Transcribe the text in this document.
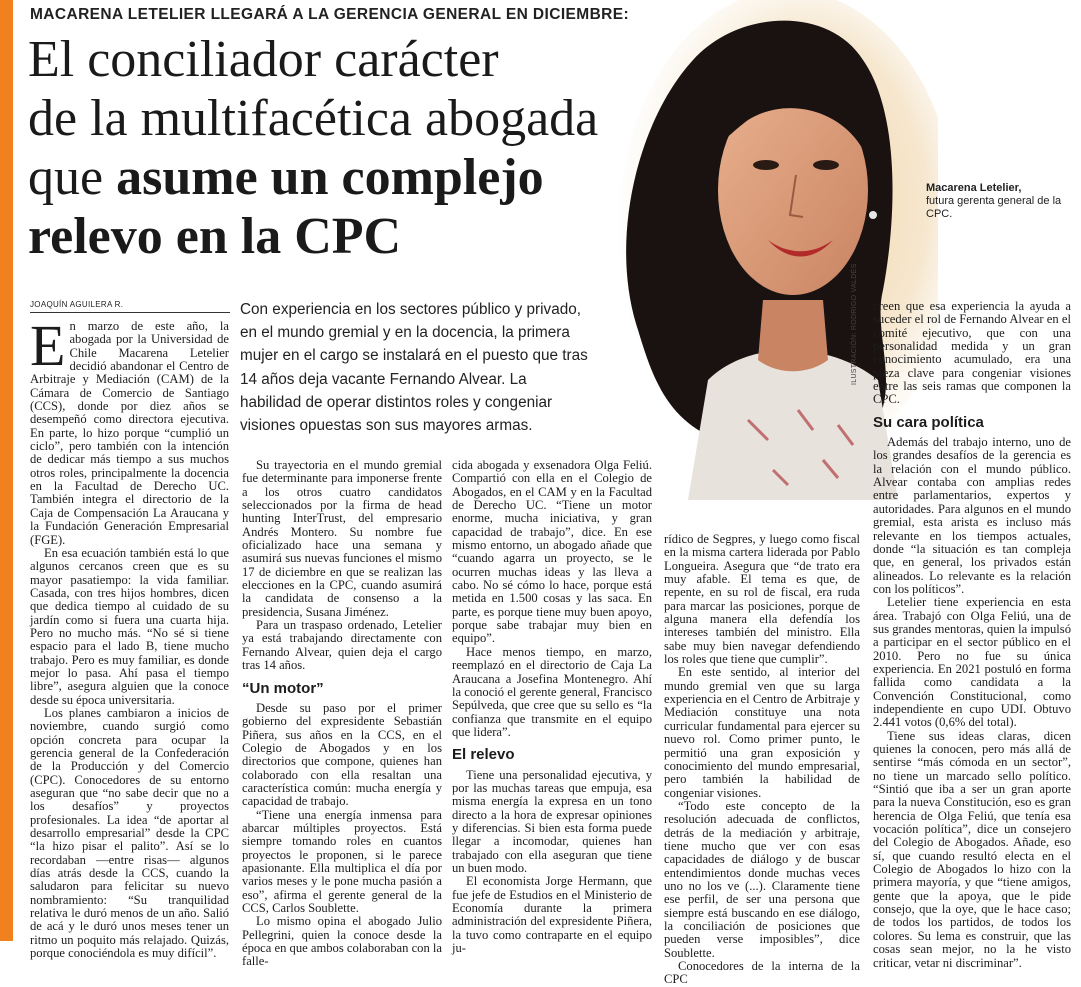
MACARENA LETELIER LLEGARÁ A LA GERENCIA GENERAL EN DICIEMBRE:
El conciliador carácter
de la multifacética abogada
que asume un complejo
relevo en la CPC
Macarena Letelier,
futura gerenta general de la CPC.
ILUSTRACIÓN: RODRIGO VALDÉS
JOAQUÍN AGUILERA R.	Con experiencia en los sectores público y privado, en el mundo gremial y en la docencia, la primera mujer en el cargo se instalará en el puesto que tras 14 años deja vacante Fernando Alvear. La habilidad de operar distintos roles y congeniar visiones opuestas son sus mayores armas.

En marzo de este año, la abogada por la Universidad de Chile Macarena Letelier decidió abandonar el Centro de Arbitraje y Mediación (CAM) de la Cámara de Comercio de Santiago (CCS), donde por diez años se desempeñó como directora ejecutiva. En parte, lo hizo porque “cumplió un ciclo”, pero también con la intención de dedicar más tiempo a sus muchos otros roles, principalmente la docencia en la Facultad de Derecho UC. También integra el directorio de la Caja de Compensación La Araucana y la Fundación Generación Empresarial (FGE).

En esa ecuación también está lo que algunos cercanos creen que es su mayor pasatiempo: la vida familiar. Casada, con tres hijos hombres, dicen que dedica tiempo al cuidado de su jardín como si fuera una cuarta hija. Pero no mucho más. “No sé si tiene espacio para el lado B, tiene mucho trabajo. Pero es muy familiar, es donde mejor lo pasa. Ahí pasa el tiempo libre”, asegura alguien que la conoce desde su época universitaria.

Los planes cambiaron a inicios de noviembre, cuando surgió como opción concreta para ocupar la gerencia general de la Confederación de la Producción y del Comercio (CPC). Conocedores de su entorno aseguran que “no sabe decir que no a los desafíos” y proyectos profesionales. La idea “de aportar al desarrollo empresarial” desde la CPC “la hizo pisar el palito”. Así se lo recordaban —entre risas— algunos días atrás desde la CCS, cuando la saludaron para felicitar su nuevo nombramiento: “Su tranquilidad relativa le duró menos de un año. Salió de acá y le duró unos meses tener un ritmo un poquito más relajado. Quizás, porque conociéndola es muy difícil”.

Su trayectoria en el mundo gremial fue determinante para imponerse frente a los otros cuatro candidatos seleccionados por la firma de head hunting InterTrust, del empresario Andrés Montero. Su nombre fue oficializado hace una semana y asumirá sus nuevas funciones el mismo 17 de diciembre en que se realizan las elecciones en la CPC, cuando asumirá la candidata de consenso a la presidencia, Susana Jiménez.

Para un traspaso ordenado, Letelier ya está trabajando directamente con Fernando Alvear, quien deja el cargo tras 14 años.

“Un motor”

Desde su paso por el primer gobierno del expresidente Sebastián Piñera, sus años en la CCS, en el Colegio de Abogados y en los directorios que compone, quienes han colaborado con ella resaltan una característica común: mucha energía y capacidad de trabajo.

“Tiene una energía inmensa para abarcar múltiples proyectos. Está siempre tomando roles en cuantos proyectos le proponen, si le parece apasionante. Ella multiplica el día por varios meses y le pone mucha pasión a eso”, afirma el gerente general de la CCS, Carlos Soublette.

Lo mismo opina el abogado Julio Pellegrini, quien la conoce desde la época en que ambos colaboraban con la falle-

cida abogada y exsenadora Olga Feliú. Compartió con ella en el Colegio de Abogados, en el CAM y en la Facultad de Derecho UC. “Tiene un motor enorme, mucha iniciativa, y gran capacidad de trabajo”, dice. En ese mismo entorno, un abogado añade que “cuando agarra un proyecto, se le ocurren muchas ideas y las lleva a cabo. No sé cómo lo hace, porque está metida en 1.500 cosas y las saca. En parte, es porque tiene muy buen apoyo, porque sabe trabajar muy bien en equipo”.

Hace menos tiempo, en marzo, reemplazó en el directorio de Caja La Araucana a Josefina Montenegro. Ahí la conoció el gerente general, Francisco Sepúlveda, que cree que su sello es “la confianza que transmite en el equipo que lidera”.

El relevo

Tiene una personalidad ejecutiva, y por las muchas tareas que empuja, esa misma energía la expresa en un tono directo a la hora de expresar opiniones y diferencias. Si bien esta forma puede llegar a incomodar, quienes han trabajado con ella aseguran que tiene un buen modo.

El economista Jorge Hermann, que fue jefe de Estudios en el Ministerio de Economía durante la primera administración del expresidente Piñera, la tuvo como contraparte en el equipo ju-

rídico de Segpres, y luego como fiscal en la misma cartera liderada por Pablo Longueira. Asegura que “de trato era muy afable. El tema es que, de repente, en su rol de fiscal, era ruda para marcar las posiciones, porque de alguna manera ella defendía los intereses también del ministro. Ella sabe muy bien navegar defendiendo los roles que tiene que cumplir”.

En este sentido, al interior del mundo gremial ven que su larga experiencia en el Centro de Arbitraje y Mediación constituye una nota curricular fundamental para ejercer su nuevo rol. Como primer punto, le permitió una gran exposición y conocimiento del mundo empresarial, pero también la habilidad de congeniar visiones.

“Todo este concepto de la resolución adecuada de conflictos, detrás de la mediación y arbitraje, tiene mucho que ver con esas capacidades de diálogo y de buscar entendimientos donde muchas veces uno no los ve (...). Claramente tiene ese perfil, de ser una persona que siempre está buscando en ese diálogo, la conciliación de posiciones que pueden verse imposibles”, dice Soublette.

Conocedores de la interna de la CPC

creen que esa experiencia la ayuda a suceder el rol de Fernando Alvear en el comité ejecutivo, que con una personalidad medida y un gran conocimiento acumulado, era una pieza clave para congeniar visiones entre las seis ramas que componen la CPC.

Su cara política

Además del trabajo interno, uno de los grandes desafíos de la gerencia es la relación con el mundo público. Alvear contaba con amplias redes entre parlamentarios, expertos y autoridades. Para algunos en el mundo gremial, esta arista es incluso más relevante en los tiempos actuales, donde “la situación es tan compleja que, en general, los privados están alineados. Lo relevante es la relación con los políticos”.

Letelier tiene experiencia en esta área. Trabajó con Olga Feliú, una de sus grandes mentoras, quien la impulsó a participar en el sector público en el 2010. Pero no fue su única experiencia. En 2021 postuló en forma fallida como candidata a la Convención Constitucional, como independiente en cupo UDI. Obtuvo 2.441 votos (0,6% del total).

Tiene sus ideas claras, dicen quienes la conocen, pero más allá de sentirse “más cómoda en un sector”, no tiene un marcado sello político. “Sintió que iba a ser un gran aporte para la nueva Constitución, eso es gran herencia de Olga Feliú, que tenía esa vocación política”, dice un consejero del Colegio de Abogados. Añade, eso sí, que cuando resultó electa en el Colegio de Abogados lo hizo con la primera mayoría, y que “tiene amigos, gente que la apoya, que le pide consejo, que la oye, que le hace caso; de todos los partidos, de todos los colores. Su lema es construir, que las cosas sean mejor, no la he visto criticar, vetar ni discriminar”.
